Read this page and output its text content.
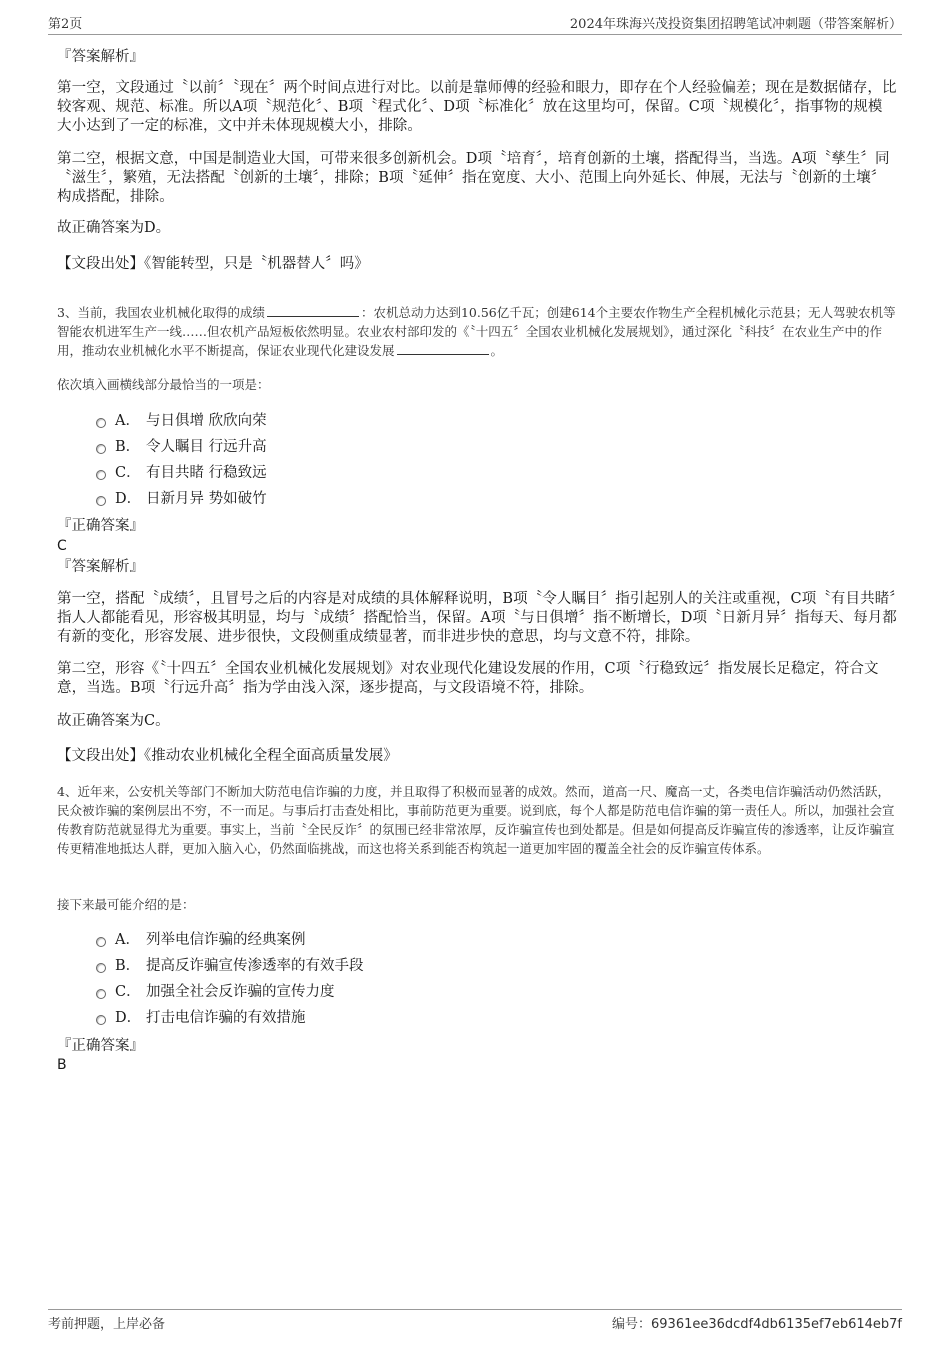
第2页	2024年珠海兴茂投资集团招聘笔试冲刺题（带答案解析）
『答案解析』
第一空，文段通过〝以前〞〝现在〞两个时间点进行对比。以前是靠师傅的经验和眼力，即存在个人经验偏差；现在是数据储存，比较客观、规范、标准。所以A项〝规范化〞、B项〝程式化〞、D项〝标准化〞放在这里均可，保留。C项〝规模化〞，指事物的规模大小达到了一定的标准，文中并未体现规模大小，排除。
第二空，根据文意，中国是制造业大国，可带来很多创新机会。D项〝培育〞，培育创新的土壤，搭配得当，当选。A项〝孳生〞同〝滋生〞，繁殖，无法搭配〝创新的土壤〞，排除；B项〝延伸〞指在宽度、大小、范围上向外延长、伸展，无法与〝创新的土壤〞构成搭配，排除。
故正确答案为D。
【文段出处】《智能转型，只是〝机器替人〞吗》
3、当前，我国农业机械化取得的成绩	：农机总动力达到10.56亿千瓦；创建614个主要农作物生产全程机械化示范县；无人驾驶农机等智能农机进军生产一线……但农机产品短板依然明显。农业农村部印发的《〝十四五〞全国农业机械化发展规划》，通过深化〝科技〞在农业生产中的作用，推动农业机械化水平不断提高，保证农业现代化建设发展	。
依次填入画横线部分最恰当的一项是：
A． 与日俱增 欣欣向荣
B． 令人瞩目 行远升高
C． 有目共睹 行稳致远
D． 日新月异 势如破竹
『正确答案』
C
『答案解析』
第一空，搭配〝成绩〞，且冒号之后的内容是对成绩的具体解释说明，B项〝令人瞩目〞指引起别人的关注或重视，C项〝有目共睹〞指人人都能看见，形容极其明显，均与〝成绩〞搭配恰当，保留。A项〝与日俱增〞指不断增长，D项〝日新月异〞指每天、每月都有新的变化，形容发展、进步很快，文段侧重成绩显著，而非进步快的意思，均与文意不符，排除。
第二空，形容《〝十四五〞全国农业机械化发展规划》对农业现代化建设发展的作用，C项〝行稳致远〞指发展长足稳定，符合文意，当选。B项〝行远升高〞指为学由浅入深，逐步提高，与文段语境不符，排除。
故正确答案为C。
【文段出处】《推动农业机械化全程全面高质量发展》
4、近年来，公安机关等部门不断加大防范电信诈骗的力度，并且取得了积极而显著的成效。然而，道高一尺、魔高一丈，各类电信诈骗活动仍然活跃，民众被诈骗的案例层出不穷，不一而足。与事后打击查处相比，事前防范更为重要。说到底，每个人都是防范电信诈骗的第一责任人。所以，加强社会宣传教育防范就显得尤为重要。事实上，当前〝全民反诈〞的氛围已经非常浓厚，反诈骗宣传也到处都是。但是如何提高反诈骗宣传的渗透率，让反诈骗宣传更精准地抵达人群，更加入脑入心，仍然面临挑战，而这也将关系到能否构筑起一道更加牢固的覆盖全社会的反诈骗宣传体系。
接下来最可能介绍的是：
A． 列举电信诈骗的经典案例
B． 提高反诈骗宣传渗透率的有效手段
C． 加强全社会反诈骗的宣传力度
D． 打击电信诈骗的有效措施
『正确答案』
B
考前押题，上岸必备	编号：69361ee36dcdf4db6135ef7eb614eb7f
